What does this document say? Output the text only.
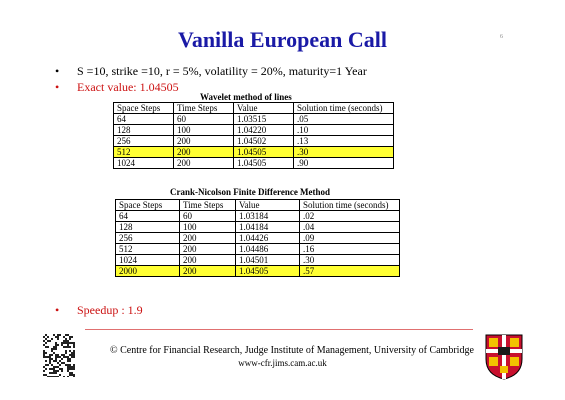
Vanilla European Call	6
• S =10, strike =10, r = 5%, volatility = 20%, maturity=1 Year
• Exact value: 1.04505
Wavelet method of lines
Space Steps	Time Steps	Value	Solution time (seconds)
64	60	1.03515	.05
128	100	1.04220	.10
256	200	1.04502	.13
512	200	1.04505	.30
1024	200	1.04505	.90
Crank-Nicolson Finite Difference Method
Space Steps	Time Steps	Value	Solution time (seconds)
64	60	1.03184	.02
128	100	1.04184	.04
256	200	1.04426	.09
512	200	1.04486	.16
1024	200	1.04501	.30
2000	200	1.04505	.57
• Speedup : 1.9
© Centre for Financial Research, Judge Institute of Management, University of Cambridge
www-cfr.jims.cam.ac.uk
